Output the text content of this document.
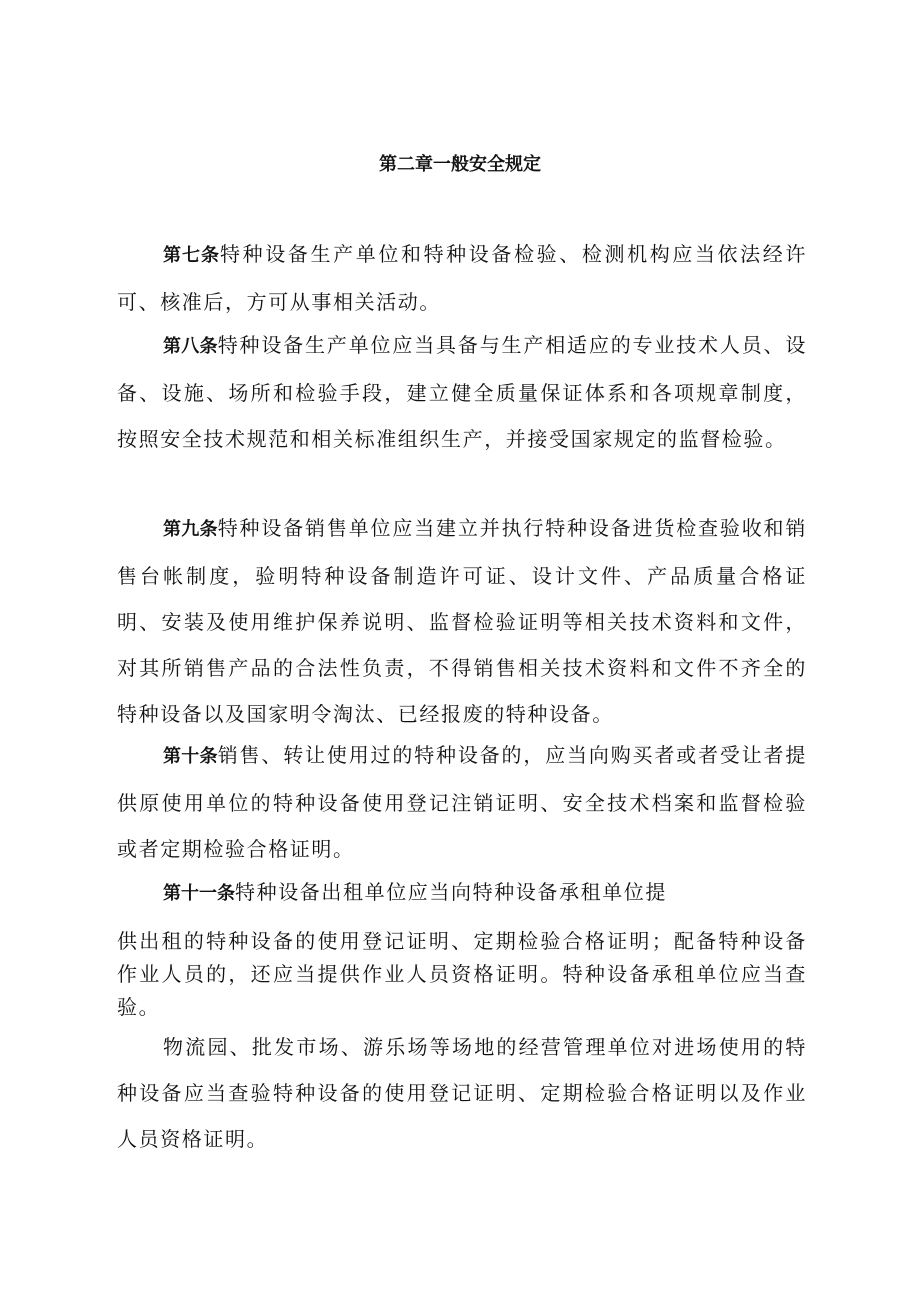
第二章一般安全规定

第七条特种设备生产单位和特种设备检验、检测机构应当依法经许可、核准后，方可从事相关活动。

第八条特种设备生产单位应当具备与生产相适应的专业技术人员、设备、设施、场所和检验手段，建立健全质量保证体系和各项规章制度，按照安全技术规范和相关标准组织生产，并接受国家规定的监督检验。

第九条特种设备销售单位应当建立并执行特种设备进货检查验收和销售台帐制度，验明特种设备制造许可证、设计文件、产品质量合格证明、安装及使用维护保养说明、监督检验证明等相关技术资料和文件，对其所销售产品的合法性负责，不得销售相关技术资料和文件不齐全的特种设备以及国家明令淘汰、已经报废的特种设备。

第十条销售、转让使用过的特种设备的，应当向购买者或者受让者提供原使用单位的特种设备使用登记注销证明、安全技术档案和监督检验或者定期检验合格证明。

第十一条特种设备出租单位应当向特种设备承租单位提

供出租的特种设备的使用登记证明、定期检验合格证明；配备特种设备作业人员的，还应当提供作业人员资格证明。特种设备承租单位应当查验。

物流园、批发市场、游乐场等场地的经营管理单位对进场使用的特种设备应当查验特种设备的使用登记证明、定期检验合格证明以及作业人员资格证明。
